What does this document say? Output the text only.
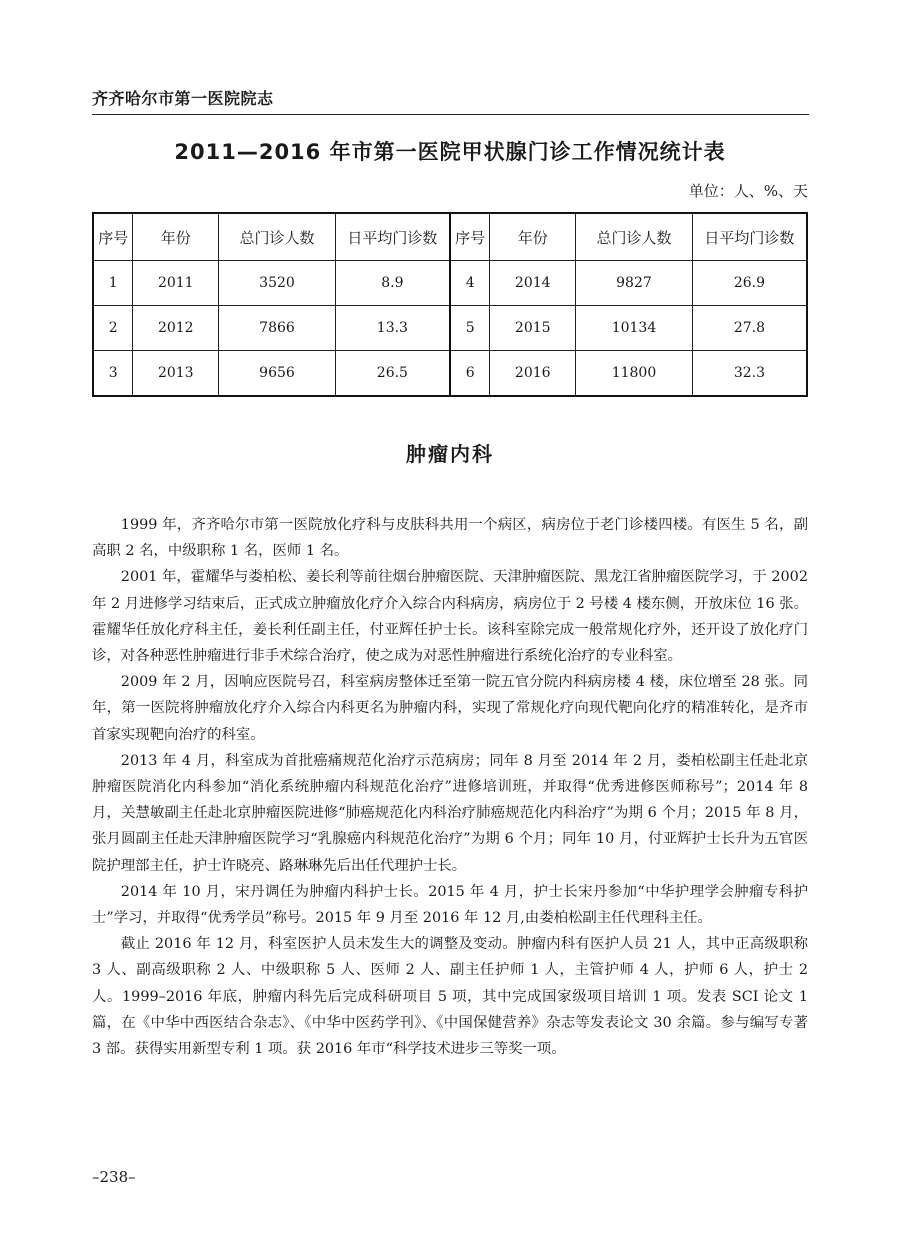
齐齐哈尔市第一医院院志
2011—2016 年市第一医院甲状腺门诊工作情况统计表
单位：人、%、天
序号	年份	总门诊人数	日平均门诊数	序号	年份	总门诊人数	日平均门诊数
1	2011	3520	8.9	4	2014	9827	26.9
2	2012	7866	13.3	5	2015	10134	27.8
3	2013	9656	26.5	6	2016	11800	32.3
肿瘤内科

1999 年，齐齐哈尔市第一医院放化疗科与皮肤科共用一个病区，病房位于老门诊楼四楼。有医生 5 名，副高职 2 名，中级职称 1 名，医师 1 名。

2001 年，霍耀华与娄柏松、姜长利等前往烟台肿瘤医院、天津肿瘤医院、黑龙江省肿瘤医院学习，于 2002 年 2 月进修学习结束后，正式成立肿瘤放化疗介入综合内科病房，病房位于 2 号楼 4 楼东侧，开放床位 16 张。霍耀华任放化疗科主任，姜长利任副主任，付亚辉任护士长。该科室除完成一般常规化疗外，还开设了放化疗门诊，对各种恶性肿瘤进行非手术综合治疗，使之成为对恶性肿瘤进行系统化治疗的专业科室。

2009 年 2 月，因响应医院号召，科室病房整体迁至第一院五官分院内科病房楼 4 楼，床位增至 28 张。同年，第一医院将肿瘤放化疗介入综合内科更名为肿瘤内科，实现了常规化疗向现代靶向化疗的精准转化，是齐市首家实现靶向治疗的科室。

2013 年 4 月，科室成为首批癌痛规范化治疗示范病房；同年 8 月至 2014 年 2 月，娄柏松副主任赴北京肿瘤医院消化内科参加“消化系统肿瘤内科规范化治疗”进修培训班，并取得“优秀进修医师称号”；2014 年 8 月，关慧敏副主任赴北京肿瘤医院进修“肺癌规范化内科治疗肺癌规范化内科治疗”为期 6 个月；2015 年 8 月，张月圆副主任赴天津肿瘤医院学习“乳腺癌内科规范化治疗”为期 6 个月；同年 10 月，付亚辉护士长升为五官医院护理部主任，护士许晓亮、路琳琳先后出任代理护士长。

2014 年 10 月，宋丹调任为肿瘤内科护士长。2015 年 4 月，护士长宋丹参加“中华护理学会肿瘤专科护士”学习，并取得“优秀学员”称号。2015 年 9 月至 2016 年 12 月,由娄柏松副主任代理科主任。

截止 2016 年 12 月，科室医护人员未发生大的调整及变动。肿瘤内科有医护人员 21 人，其中正高级职称 3 人、副高级职称 2 人、中级职称 5 人、医师 2 人、副主任护师 1 人，主管护师 4 人，护师 6 人，护士 2 人。1999–2016 年底，肿瘤内科先后完成科研项目 5 项，其中完成国家级项目培训 1 项。发表 SCI 论文 1 篇，在《中华中西医结合杂志》、《中华中医药学刊》、《中国保健营养》杂志等发表论文 30 余篇。参与编写专著 3 部。获得实用新型专利 1 项。获 2016 年市“科学技术进步三等奖一项。

–238–
